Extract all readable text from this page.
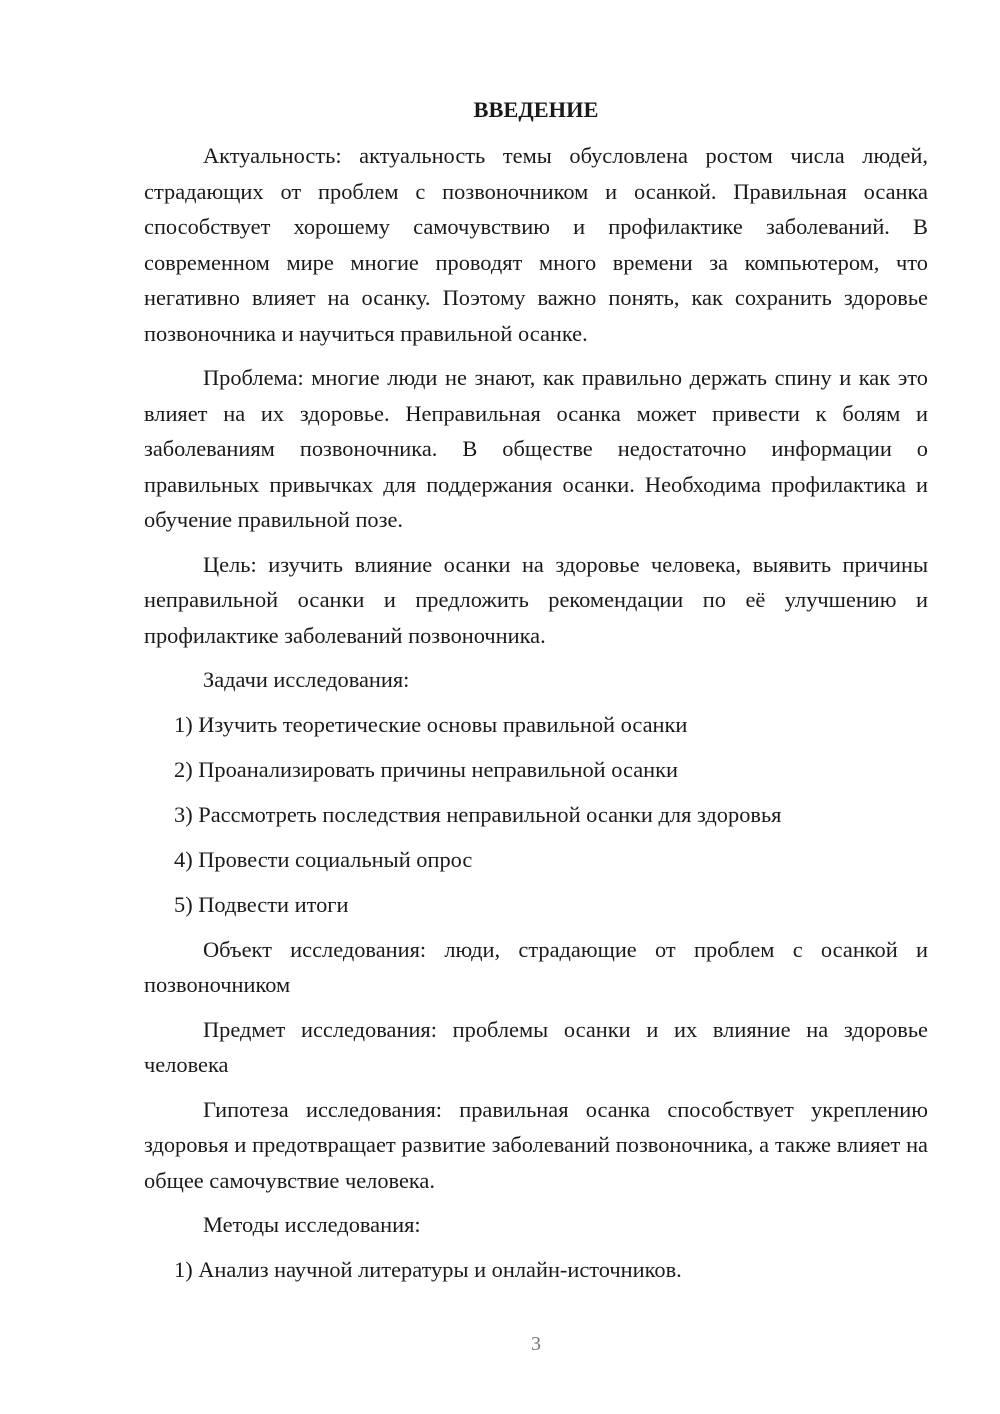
ВВЕДЕНИЕ

Актуальность: актуальность темы обусловлена ростом числа людей, страдающих от проблем с позвоночником и осанкой. Правильная осанка способствует хорошему самочувствию и профилактике заболеваний. В современном мире многие проводят много времени за компьютером, что негативно влияет на осанку. Поэтому важно понять, как сохранить здоровье позвоночника и научиться правильной осанке.

Проблема: многие люди не знают, как правильно держать спину и как это влияет на их здоровье. Неправильная осанка может привести к болям и заболеваниям позвоночника. В обществе недостаточно информации о правильных привычках для поддержания осанки. Необходима профилактика и обучение правильной позе.

Цель: изучить влияние осанки на здоровье человека, выявить причины неправильной осанки и предложить рекомендации по её улучшению и профилактике заболеваний позвоночника.

Задачи исследования:

1) Изучить теоретические основы правильной осанки
2) Проанализировать причины неправильной осанки
3) Рассмотреть последствия неправильной осанки для здоровья
4) Провести социальный опрос
5) Подвести итоги

Объект исследования: люди, страдающие от проблем с осанкой и позвоночником

Предмет исследования: проблемы осанки и их влияние на здоровье человека

Гипотеза исследования: правильная осанка способствует укреплению здоровья и предотвращает развитие заболеваний позвоночника, а также влияет на общее самочувствие человека.

Методы исследования:

1) Анализ научной литературы и онлайн-источников.
3
